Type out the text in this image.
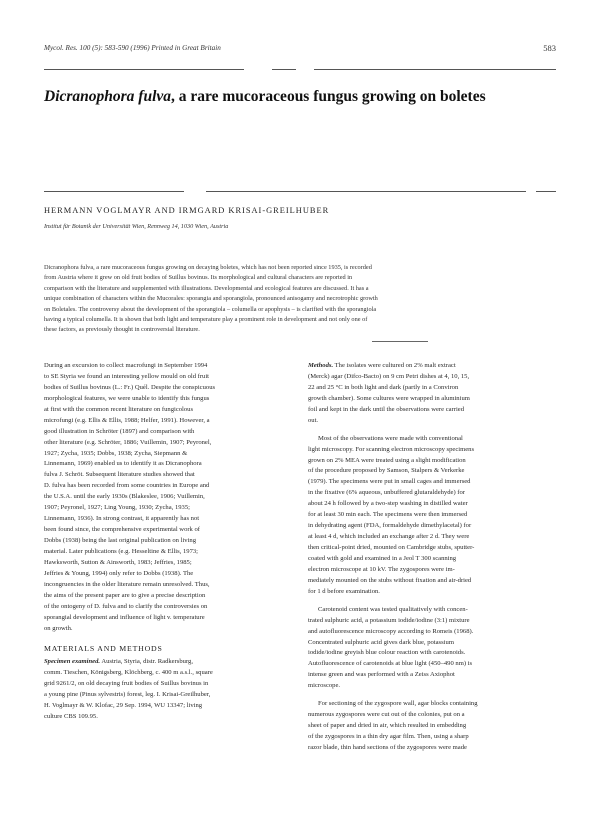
Mycol. Res. 100 (5): 583-590 (1996) Printed in Great Britain	583
Dicranophora fulva, a rare mucoraceous fungus growing on boletes
HERMANN VOGLMAYR AND IRMGARD KRISAI-GREILHUBER
Institut für Botanik der Universität Wien, Rennweg 14, 1030 Wien, Austria
Dicranophora fulva, a rare mucoraceous fungus growing on decaying boletes, which has not been reported since 1935, is recorded
from Austria where it grew on old fruit bodies of Suillus bovinus. Its morphological and cultural characters are reported in
comparison with the literature and supplemented with illustrations. Developmental and ecological features are discussed. It has a
unique combination of characters within the Mucorales: sporangia and sporangiola, pronounced anisogamy and necrotrophic growth
on Boletales. The controversy about the development of the sporangiola – columella or apophysis – is clarified with the sporangiola
having a typical columella. It is shown that both light and temperature play a prominent role in development and not only one of
these factors, as previously thought in controversial literature.
During an excursion to collect macrofungi in September 1994
to SE Styria we found an interesting yellow mould on old fruit
bodies of Suillus bovinus (L.: Fr.) Quél. Despite the conspicuous
morphological features, we were unable to identify this fungus
at first with the common recent literature on fungicolous
microfungi (e.g. Ellis & Ellis, 1988; Helfer, 1991). However, a
good illustration in Schröter (1897) and comparison with
other literature (e.g. Schröter, 1886; Vuillemin, 1907; Peyronel,
1927; Zycha, 1935; Dobbs, 1938; Zycha, Siepmann &
Linnemann, 1969) enabled us to identify it as Dicranophora
fulva J. Schröt. Subsequent literature studies showed that
D. fulva has been recorded from some countries in Europe and
the U.S.A. until the early 1930s (Blakeslee, 1906; Vuillemin,
1907; Peyronel, 1927; Ling Young, 1930; Zycha, 1935;
Linnemann, 1936). In strong contrast, it apparently has not
been found since, the comprehensive experimental work of
Dobbs (1938) being the last original publication on living
material. Later publications (e.g. Hesseltine & Ellis, 1973;
Hawksworth, Sutton & Ainsworth, 1983; Jeffries, 1985;
Jeffries & Young, 1994) only refer to Dobbs (1938). The
incongruencies in the older literature remain unresolved. Thus,
the aims of the present paper are to give a precise description
of the ontogeny of D. fulva and to clarify the controversies on
sporangial development and influence of light v. temperature
on growth.
MATERIALS AND METHODS
Specimen examined. Austria, Styria, distr. Radkersburg,
comm. Tieschen, Königsberg, Klöchberg, c. 400 m a.s.l., square
grid 9261/2, on old decaying fruit bodies of Suillus bovinus in
a young pine (Pinus sylvestris) forest, leg. I. Krisai-Greilhuber,
H. Voglmayr & W. Klofac, 29 Sep. 1994, WU 13347; living
culture CBS 109.95.
Methods. The isolates were cultured on 2% malt extract
(Merck) agar (Difco-Bacto) on 9 cm Petri dishes at 4, 10, 15,
22 and 25 °C in both light and dark (partly in a Conviron
growth chamber). Some cultures were wrapped in aluminium
foil and kept in the dark until the observations were carried
out.
Most of the observations were made with conventional
light microscopy. For scanning electron microscopy specimens
grown on 2% MEA were treated using a slight modification
of the procedure proposed by Samson, Stalpers & Verkerke
(1979). The specimens were put in small cages and immersed
in the fixative (6% aqueous, unbuffered glutaraldehyde) for
about 24 h followed by a two-step washing in distilled water
for at least 30 min each. The specimens were then immersed
in dehydrating agent (FDA, formaldehyde dimethylacetal) for
at least 4 d, which included an exchange after 2 d. They were
then critical-point dried, mounted on Cambridge stubs, sputter-
coated with gold and examined in a Jeol T 300 scanning
electron microscope at 10 kV. The zygospores were im-
mediately mounted on the stubs without fixation and air-dried
for 1 d before examination.
Carotenoid content was tested qualitatively with concen-
trated sulphuric acid, a potassium iodide/iodine (3:1) mixture
and autofluorescence microscopy according to Romeis (1968).
Concentrated sulphuric acid gives dark blue, potassium
iodide/iodine greyish blue colour reaction with carotenoids.
Autofluorescence of carotenoids at blue light (450–490 nm) is
intense green and was performed with a Zeiss Axiophot
microscope.
For sectioning of the zygospore wall, agar blocks containing
numerous zygospores were cut out of the colonies, put on a
sheet of paper and dried in air, which resulted in embedding
of the zygospores in a thin dry agar film. Then, using a sharp
razor blade, thin hand sections of the zygospores were made
